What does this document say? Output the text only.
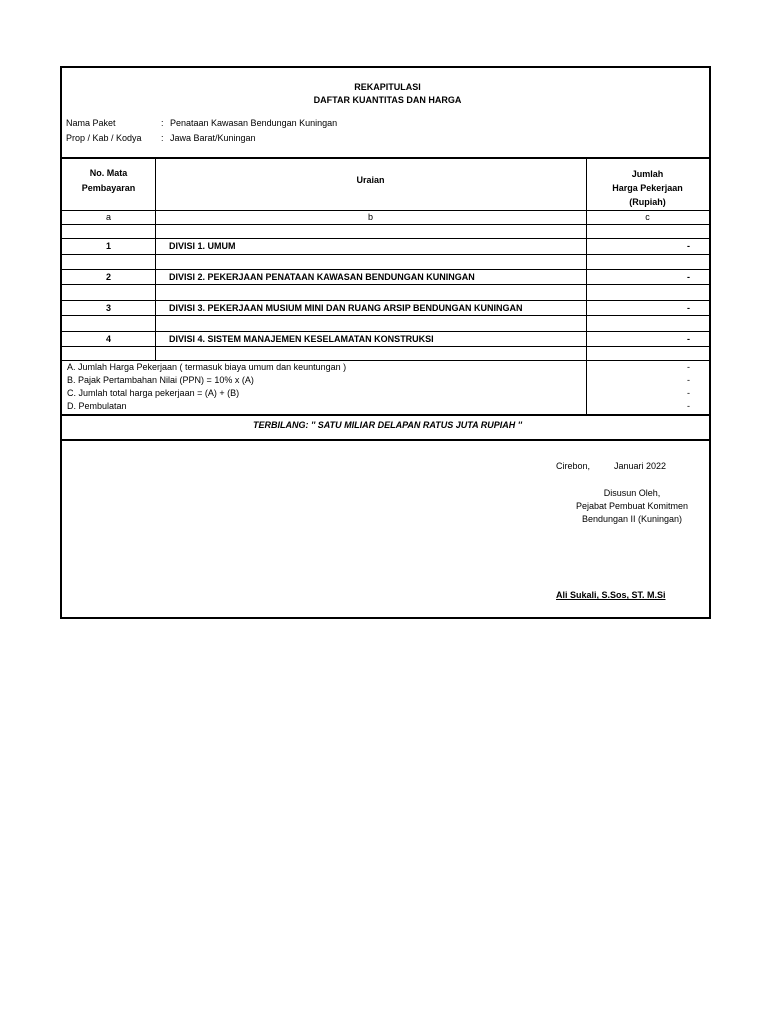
REKAPITULASI
DAFTAR KUANTITAS DAN HARGA
Nama Paket	: Penataan Kawasan Bendungan Kuningan
Prop / Kab / Kodya : Jawa Barat/Kuningan
No. Mata
Pembayaran
Uraian
Jumlah
Harga Pekerjaan
(Rupiah)
a	b	c
1	DIVISI 1. UMUM	-
2	DIVISI 2. PEKERJAAN PENATAAN KAWASAN BENDUNGAN KUNINGAN	-
3	DIVISI 3. PEKERJAAN MUSIUM MINI DAN RUANG ARSIP BENDUNGAN KUNINGAN	-
4	DIVISI 4. SISTEM MANAJEMEN KESELAMATAN KONSTRUKSI	-
A. Jumlah Harga Pekerjaan ( termasuk biaya umum dan keuntungan )	-
B. Pajak Pertambahan Nilai (PPN) = 10% x (A)	-
C. Jumlah total harga pekerjaan = (A) + (B)	-
D. Pembulatan	-
TERBILANG: '' SATU MILIAR DELAPAN RATUS JUTA RUPIAH ''
Cirebon,	Januari 2022
Disusun Oleh,
Pejabat Pembuat Komitmen
Bendungan II (Kuningan)
Ali Sukali, S.Sos, ST. M.Si
